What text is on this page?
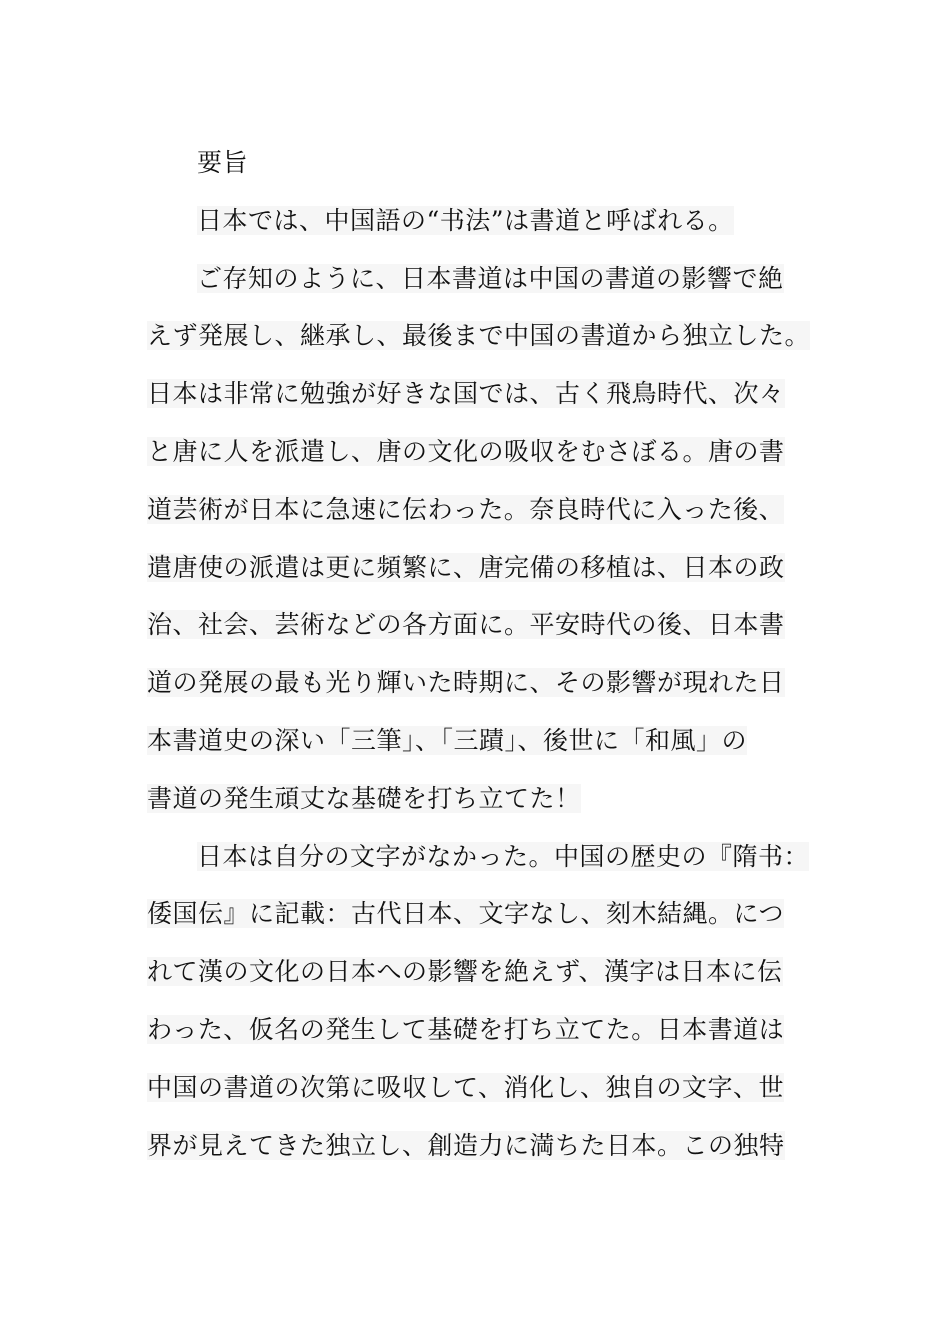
要旨
日本では、中国語の“书法”は書道と呼ばれる。
ご存知のように、日本書道は中国の書道の影響で絶
えず発展し、継承し、最後まで中国の書道から独立した。
日本は非常に勉強が好きな国では、古く飛鳥時代、次々
と唐に人を派遣し、唐の文化の吸収をむさぼる。唐の書
道芸術が日本に急速に伝わった。奈良時代に入った後、
遣唐使の派遣は更に頻繁に、唐完備の移植は、日本の政
治、社会、芸術などの各方面に。平安時代の後、日本書
道の発展の最も光り輝いた時期に、その影響が現れた日
本書道史の深い「三筆」、「三蹟」、後世に「和風」の
書道の発生頑丈な基礎を打ち立てた！
日本は自分の文字がなかった。中国の歴史の『隋书：
倭国伝』に記載：古代日本、文字なし、刻木結縄。につ
れて漢の文化の日本への影響を絶えず、漢字は日本に伝
わった、仮名の発生して基礎を打ち立てた。日本書道は
中国の書道の次第に吸収して、消化し、独自の文字、世
界が見えてきた独立し、創造力に満ちた日本。この独特
